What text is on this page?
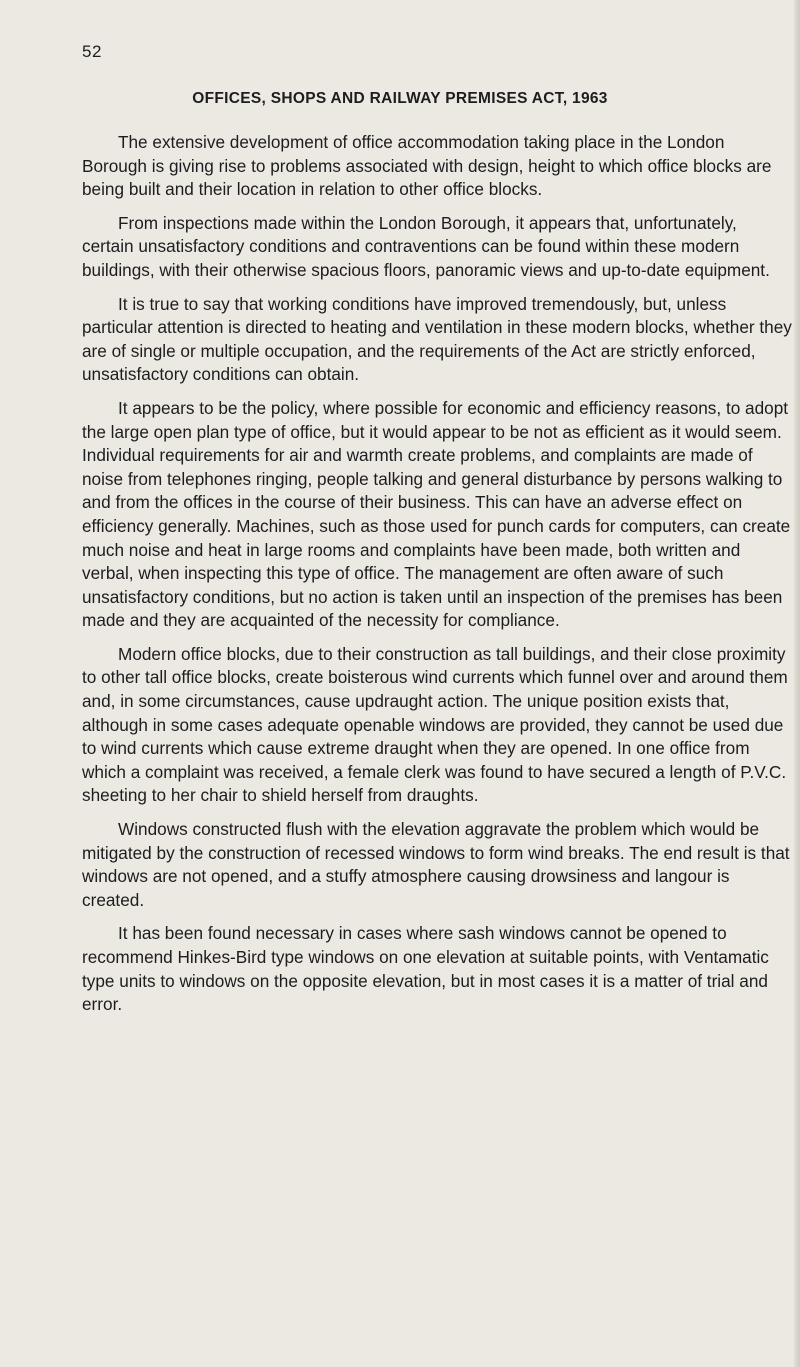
52
OFFICES, SHOPS AND RAILWAY PREMISES ACT, 1963

The extensive development of office accommodation taking place in the London Borough is giving rise to problems associated with design, height to which office blocks are being built and their location in relation to other office blocks.

From inspections made within the London Borough, it appears that, unfortunately, certain unsatisfactory conditions and contraventions can be found within these modern buildings, with their otherwise spacious floors, panoramic views and up-to-date equipment.

It is true to say that working conditions have improved tremendously, but, unless particular attention is directed to heating and ventilation in these modern blocks, whether they are of single or multiple occupation, and the requirements of the Act are strictly enforced, unsatisfactory conditions can obtain.

It appears to be the policy, where possible for economic and efficiency reasons, to adopt the large open plan type of office, but it would appear to be not as efficient as it would seem. Individual requirements for air and warmth create problems, and complaints are made of noise from telephones ringing, people talking and general disturbance by persons walking to and from the offices in the course of their business. This can have an adverse effect on efficiency generally. Machines, such as those used for punch cards for computers, can create much noise and heat in large rooms and complaints have been made, both written and verbal, when inspecting this type of office. The management are often aware of such unsatisfactory conditions, but no action is taken until an inspection of the premises has been made and they are acquainted of the necessity for compliance.

Modern office blocks, due to their construction as tall buildings, and their close proximity to other tall office blocks, create boisterous wind currents which funnel over and around them and, in some circumstances, cause updraught action. The unique position exists that, although in some cases adequate openable windows are provided, they cannot be used due to wind currents which cause extreme draught when they are opened. In one office from which a complaint was received, a female clerk was found to have secured a length of P.V.C. sheeting to her chair to shield herself from draughts.

Windows constructed flush with the elevation aggravate the problem which would be mitigated by the construction of recessed windows to form wind breaks. The end result is that windows are not opened, and a stuffy atmosphere causing drowsiness and langour is created.

It has been found necessary in cases where sash windows cannot be opened to recommend Hinkes-Bird type windows on one elevation at suitable points, with Ventamatic type units to windows on the opposite elevation, but in most cases it is a matter of trial and error.
